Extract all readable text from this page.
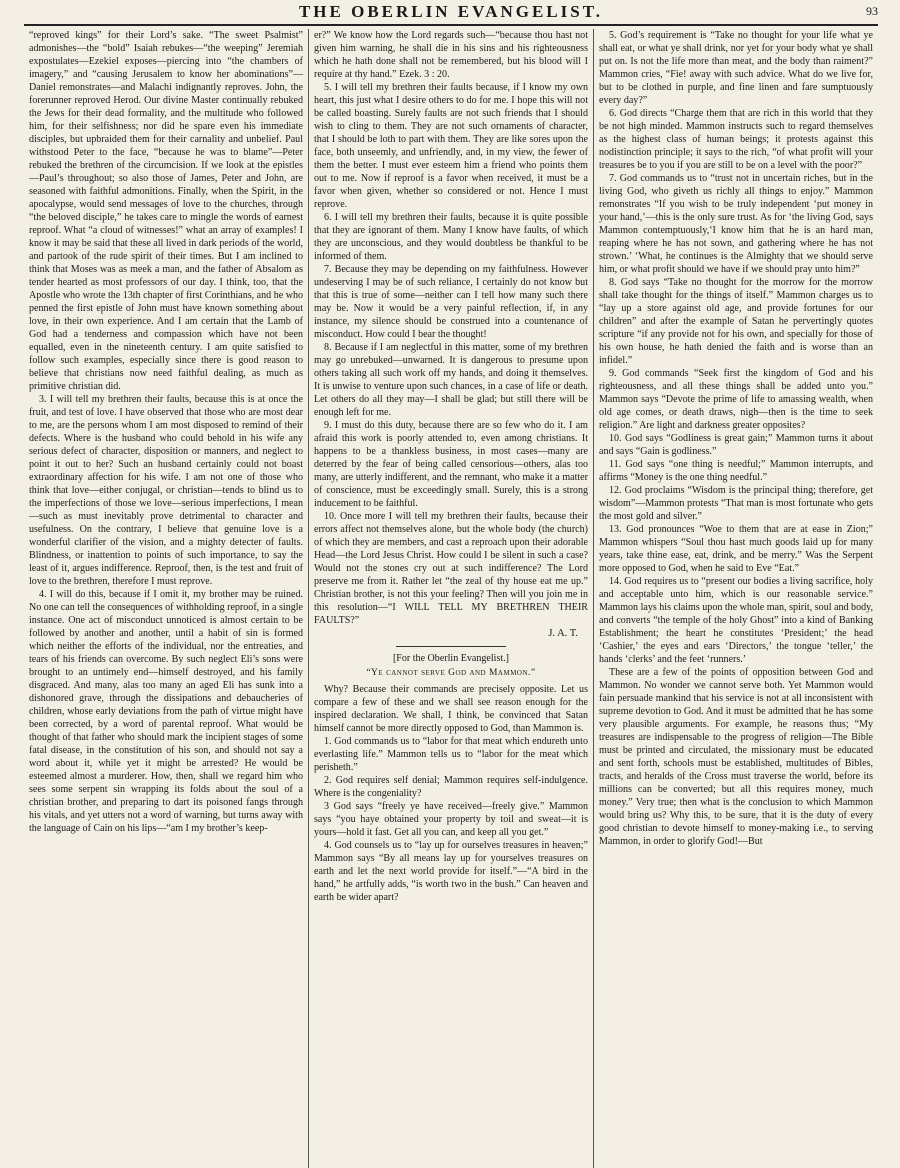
THE OBERLIN EVANGELIST.	93

“reproved kings” for their Lord’s sake. “The sweet Psalmist” admonishes—the “bold” Isaiah rebukes—“the weeping” Jeremiah expostulates—Ezekiel exposes—piercing into “the chambers of imagery,” and “causing Jerusalem to know her abominations”—Daniel remonstrates—and Malachi indignantly reproves. John, the forerunner reproved Herod. Our divine Master continually rebuked the Jews for their dead formality, and the multitude who followed him, for their selfishness; nor did he spare even his immediate disciples, but upbraided them for their carnality and unbelief. Paul withstood Peter to the face, “because he was to blame”—Peter rebuked the brethren of the circumcision. If we look at the epistles—Paul’s throughout; so also those of James, Peter and John, are seasoned with faithful admonitions. Finally, when the Spirit, in the apocalypse, would send messages of love to the churches, through “the beloved disciple,” he takes care to mingle the words of earnest reproof. What “a cloud of witnesses!” what an array of examples! I know it may be said that these all lived in dark periods of the world, and partook of the rude spirit of their times. But I am inclined to think that Moses was as meek a man, and the father of Absalom as tender hearted as most professors of our day. I think, too, that the Apostle who wrote the 13th chapter of first Corinthians, and he who penned the first epistle of John must have known something about love, in their own experience. And I am certain that the Lamb of God had a tenderness and compassion which have not been equalled, even in the nineteenth century. I am quite satisfied to follow such examples, especially since there is good reason to believe that christians now need faithful dealing, as much as primitive christian did.

3. I will tell my brethren their faults, because this is at once the fruit, and test of love. I have observed that those who are most dear to me, are the persons whom I am most disposed to remind of their defects. Where is the husband who could behold in his wife any serious defect of character, disposition or manners, and neglect to point it out to her? Such an husband certainly could not boast extraordinary affection for his wife. I am not one of those who think that love—either conjugal, or christian—tends to blind us to the imperfections of those we love—serious imperfections, I mean—such as must inevitably prove detrimental to character and usefulness. On the contrary, I believe that genuine love is a wonderful clarifier of the vision, and a mighty detecter of faults. Blindness, or inattention to points of such importance, to say the least of it, argues indifference. Reproof, then, is the test and fruit of love to the brethren, therefore I must reprove.

4. I will do this, because if I omit it, my brother may be ruined. No one can tell the consequences of withholding reproof, in a single instance. One act of misconduct unnoticed is almost certain to be followed by another and another, until a habit of sin is formed which neither the efforts of the individual, nor the entreaties, and tears of his friends can overcome. By such neglect Eli’s sons were brought to an untimely end—himself destroyed, and his family disgraced. And many, alas too many an aged Eli has sunk into a dishonored grave, through the dissipations and debaucheries of children, whose early deviations from the path of virtue might have been corrected, by a word of parental reproof. What would be thought of that father who should mark the incipient stages of some fatal disease, in the constitution of his son, and should not say a word about it, while yet it might be arrested? He would be esteemed almost a murderer. How, then, shall we regard him who sees some serpent sin wrapping its folds about the soul of a christian brother, and preparing to dart its poisoned fangs through his vitals, and yet utters not a word of warning, but turns away with the language of Cain on his lips—“am I my brother’s keep-

er?” We know how the Lord regards such—“because thou hast not given him warning, he shall die in his sins and his righteousness which he hath done shall not be remembered, but his blood will I require at thy hand.” Ezek. 3 : 20.

5. I will tell my brethren their faults because, if I know my own heart, this just what I desire others to do for me. I hope this will not be called boasting. Surely faults are not such friends that I should wish to cling to them. They are not such ornaments of character, that I should be loth to part with them. They are like sores upon the face, both unseemly, and unfriendly, and, in my view, the fewer of them the better. I must ever esteem him a friend who points them out to me. Now if reproof is a favor when received, it must be a favor when given, whether so considered or not. Hence I must reprove.

6. I will tell my brethren their faults, because it is quite possible that they are ignorant of them. Many I know have faults, of which they are unconscious, and they would doubtless be thankful to be informed of them.

7. Because they may be depending on my faithfulness. However undeserving I may be of such reliance, I certainly do not know but that this is true of some—neither can I tell how many such there may be. Now it would be a very painful reflection, if, in any instance, my silence should be construed into a countenance of misconduct. How could I bear the thought!

8. Because if I am neglectful in this matter, some of my brethren may go unrebuked—unwarned. It is dangerous to presume upon others taking all such work off my hands, and doing it themselves. It is unwise to venture upon such chances, in a case of life or death. Let others do all they may—I shall be glad; but still there will be enough left for me.

9. I must do this duty, because there are so few who do it. I am afraid this work is poorly attended to, even among christians. It happens to be a thankless business, in most cases—many are deterred by the fear of being called censorious—others, alas too many, are utterly indifferent, and the remnant, who make it a matter of conscience, must be exceedingly small. Surely, this is a strong inducement to be faithful.

10. Once more I will tell my brethren their faults, because their errors affect not themselves alone, but the whole body (the church) of which they are members, and cast a reproach upon their adorable Head—the Lord Jesus Christ. How could I be silent in such a case? Would not the stones cry out at such indifference? The Lord preserve me from it. Rather let “the zeal of thy house eat me up.” Christian brother, is not this your feeling? Then will you join me in this resolution—“I WILL TELL MY BRETHREN THEIR FAULTS?”

J. A. T.
[For the Oberlin Evangelist.]
“Ye cannot serve God and Mammon.”

Why? Because their commands are precisely opposite. Let us compare a few of these and we shall see reason enough for the inspired declaration. We shall, I think, be convinced that Satan himself cannot be more directly opposed to God, than Mammon is.

1. God commands us to “labor for that meat which endureth unto everlasting life.” Mammon tells us to “labor for the meat which perisheth.”

2. God requires self denial; Mammon requires self-indulgence. Where is the congeniality?

3 God says “freely ye have received—freely give.” Mammon says “you haye obtained your property by toil and sweat—it is yours—hold it fast. Get all you can, and keep all you get.”

4. God counsels us to “lay up for ourselves treasures in heaven;” Mammon says “By all means lay up for yourselves treasures on earth and let the next world provide for itself.”—“A bird in the hand,” he artfully adds, “is worth two in the bush.” Can heaven and earth be wider apart?

5. God’s requirement is “Take no thought for your life what ye shall eat, or what ye shall drink, nor yet for your body what ye shall put on. Is not the life more than meat, and the body than raiment?” Mammon cries, “Fie! away with such advice. What do we live for, but to be clothed in purple, and fine linen and fare sumptuously every day?”

6. God directs “Charge them that are rich in this world that they be not high minded. Mammon instructs such to regard themselves as the highest class of human beings; it protests against this nodistinction principle; it says to the rich, “of what profit will your treasures be to you if you are still to be on a level with the poor?”

7. God commands us to “trust not in uncertain riches, but in the living God, who giveth us richly all things to enjoy.” Mammon remonstrates “If you wish to be truly independent ‘put money in your hand,’—this is the only sure trust. As for ‘the living God, says Mammon contemptuously,‘I know him that he is an hard man, reaping where he has not sown, and gathering where he has not strown.’ ‘What, he continues is the Almighty that we should serve him, or what profit should we have if we should pray unto him?”

8. God says “Take no thought for the morrow for the morrow shall take thought for the things of itself.” Mammon charges us to “lay up a store against old age, and provide fortunes for our children” and after the example of Satan he pervertingly quotes scripture “if any provide not for his own, and specially for those of his own house, he hath denied the faith and is worse than an infidel.”

9. God commands “Seek first the kingdom of God and his righteousness, and all these things shall be added unto you.” Mammon says “Devote the prime of life to amassing wealth, when old age comes, or death draws, nigh—then is the time to seek religion.” Are light and darkness greater opposites?

10. God says “Godliness is great gain;” Mammon turns it about and says “Gain is godliness.”

11. God says “one thing is needful;” Mammon interrupts, and affirms “Money is the one thing needful.”

12. God proclaims “Wisdom is the principal thing; therefore, get wisdom”—Mammon protests “That man is most fortunate who gets the most gold and silver.”

13. God pronounces “Woe to them that are at ease in Zion;” Mammon whispers “Soul thou hast much goods laid up for many years, take thine ease, eat, drink, and be merry.” Was the Serpent more opposed to God, when he said to Eve “Eat.”

14. God requires us to “present our bodies a living sacrifice, holy and acceptable unto him, which is our reasonable service.” Mammon lays his claims upon the whole man, spirit, soul and body, and converts “the temple of the holy Ghost” into a kind of Banking Establishment; the heart he constitutes ‘President;’ the head ‘Cashier,’ the eyes and ears ‘Directors,’ the tongue ‘teller,’ the hands ‘clerks’ and the feet ‘runners.’

These are a few of the points of opposition between God and Mammon. No wonder we cannot serve both. Yet Mammon would fain persuade mankind that his service is not at all inconsistent with supreme devotion to God. And it must be admitted that he has some very plausible arguments. For example, he reasons thus; “My treasures are indispensable to the progress of religion—The Bible must be printed and circulated, the missionary must be educated and sent forth, schools must be established, multitudes of Bibles, tracts, and heralds of the Cross must traverse the world, before its millions can be converted; but all this requires money, much money.” Very true; then what is the conclusion to which Mammon would bring us? Why this, to be sure, that it is the duty of every good christian to devote himself to money-making i.e., to serving Mammon, in order to glorify God!—But
